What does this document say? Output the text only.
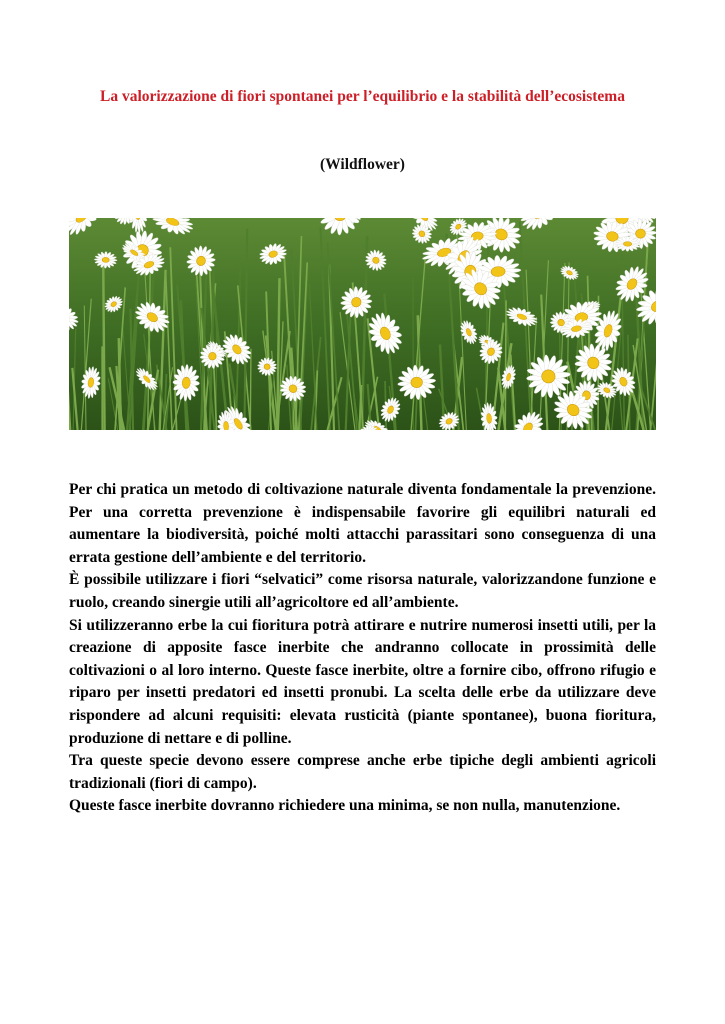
La valorizzazione di fiori spontanei per l’equilibrio e la stabilità dell’ecosistema
(Wildflower)

Per chi pratica un metodo di coltivazione naturale diventa fondamentale la prevenzione. Per una corretta prevenzione è indispensabile favorire gli equilibri naturali ed aumentare la biodiversità, poiché molti attacchi parassitari sono conseguenza di una errata gestione dell’ambiente e del territorio.

È possibile utilizzare i fiori “selvatici” come risorsa naturale, valorizzandone funzione e ruolo, creando sinergie utili all’agricoltore ed all’ambiente.

Si utilizzeranno erbe la cui fioritura potrà attirare e nutrire numerosi insetti utili, per la creazione di apposite fasce inerbite che andranno collocate in prossimità delle coltivazioni o al loro interno. Queste fasce inerbite, oltre a fornire cibo, offrono rifugio e riparo per insetti predatori ed insetti pronubi. La scelta delle erbe da utilizzare deve rispondere ad alcuni requisiti: elevata rusticità (piante spontanee), buona fioritura, produzione di nettare e di polline.

Tra queste specie devono essere comprese anche erbe tipiche degli ambienti agricoli tradizionali (fiori di campo).

Queste fasce inerbite dovranno richiedere una minima, se non nulla, manutenzione.
